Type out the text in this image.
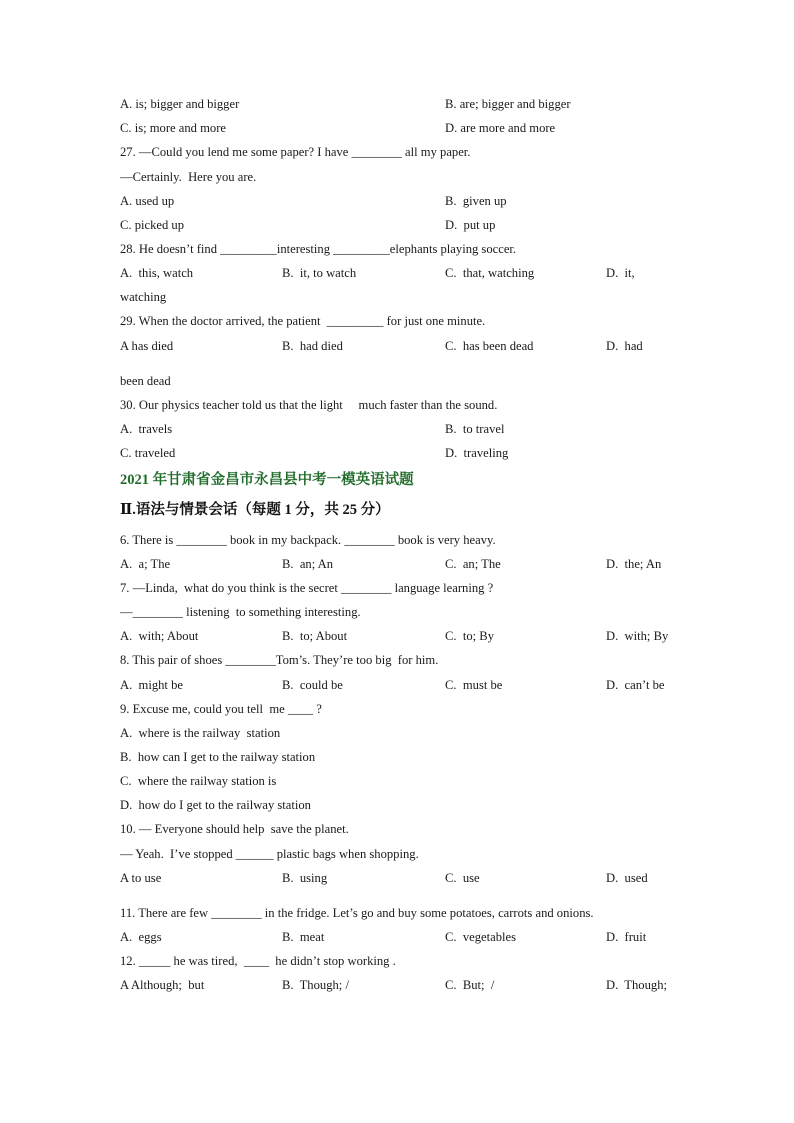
A. is; bigger and bigger	B. are; bigger and bigger
C. is; more and more	D. are more and more
27. —Could you lend me some paper? I have ________ all my paper.
—Certainly.  Here you are.
A. used up	B.  given up
C. picked up	D.  put up
28. He doesn’t find _________interesting _________elephants playing soccer.
A.  this, watch	B.  it, to watch	C.  that, watching	D.  it,
watching
29. When the doctor arrived, the patient  _________ for just one minute.
A has died	B.  had died	C.  has been dead	D.  had
been dead
30. Our physics teacher told us that the light     much faster than the sound.
A.  travels	B.  to travel
C. traveled	D.  traveling
2021 年甘肃省金昌市永昌县中考一模英语试题
Ⅱ.语法与情景会话（每题 1 分，共 25 分）
6. There is ________ book in my backpack. ________ book is very heavy.
A.  a; The	B.  an; An	C.  an; The	D.  the; An
7. —Linda,  what do you think is the secret ________ language learning ?
—________ listening  to something interesting.
A.  with; About	B.  to; About	C.  to; By	D.  with; By
8. This pair of shoes ________Tom’s. They’re too big  for him.
A.  might be	B.  could be	C.  must be	D.  can’t be
9. Excuse me, could you tell  me ____ ?
A.  where is the railway  station
B.  how can I get to the railway station
C.  where the railway station is
D.  how do I get to the railway station
10. — Everyone should help  save the planet.
— Yeah.  I’ve stopped ______ plastic bags when shopping.
A to use	B.  using	C.  use	D.  used
11. There are few ________ in the fridge. Let’s go and buy some potatoes, carrots and onions.
A.  eggs	B.  meat	C.  vegetables	D.  fruit
12. _____ he was tired,  ____  he didn’t stop working .
A Although;  but	B.  Though; /	C.  But;  /	D.  Though;
